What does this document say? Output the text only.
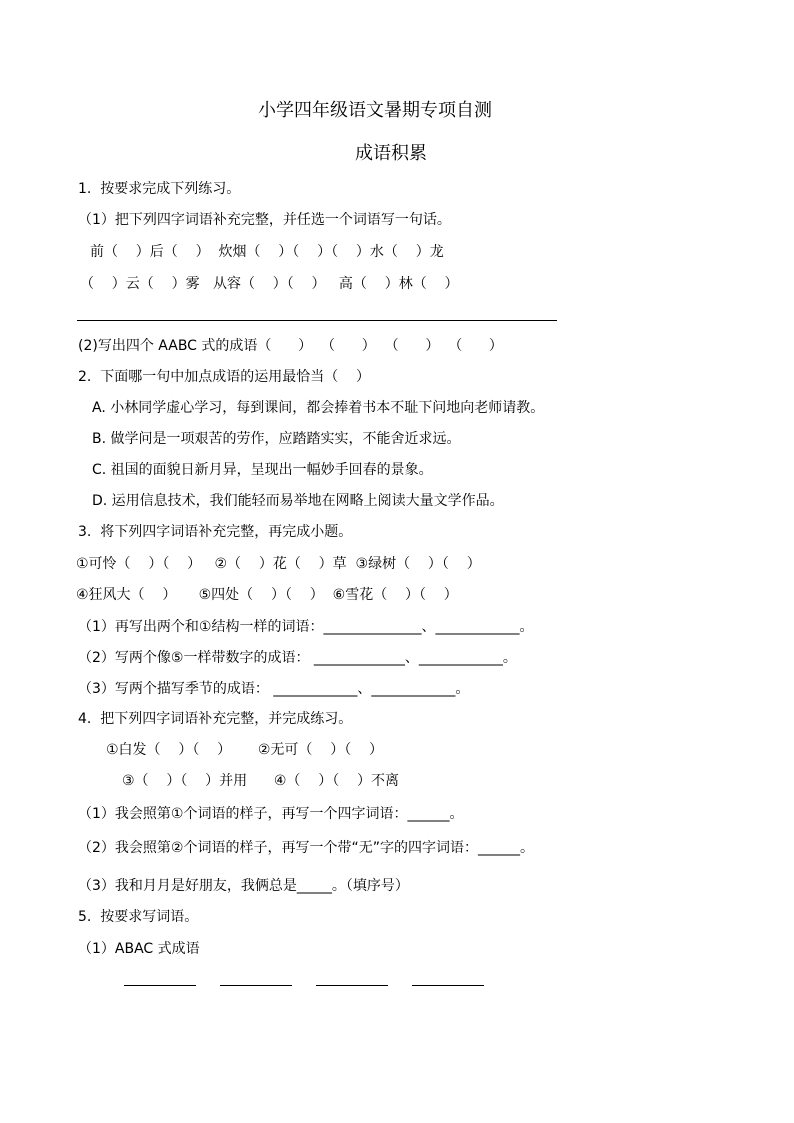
小学四年级语文暑期专项自测
成语积累
1.  按要求完成下列练习。
（1）把下列四字词语补充完整，并任选一个词语写一句话。
前（    ）后（    ）  炊烟（    ）（    ）（    ）水（    ）龙
（    ）云（    ）雾   从容（    ）（    ）   高（    ）林（    ）
(2)写出四个 AABC 式的成语（      ）  （      ）  （      ）  （      ）
2.  下面哪一句中加点成语的运用最恰当（    ）
A. 小林同学虚心学习，每到课间，都会捧着书本不耻下问地向老师请教。
B. 做学问是一项艰苦的劳作，应踏踏实实，不能舍近求远。
C. 祖国的面貌日新月异，呈现出一幅妙手回春的景象。
D. 运用信息技术，我们能轻而易举地在网略上阅读大量文学作品。
3.  将下列四字词语补充完整，再完成小题。
①可怜（    ）（    ）   ②（    ）花（    ）草  ③绿树（    ）（    ）
④狂风大（    ）     ⑤四处（    ）（    ）  ⑥雪花（    ）（    ）
（1）再写出两个和①结构一样的词语：______________、____________。
（2）写两个像⑤一样带数字的成语： _____________、____________。
（3）写两个描写季节的成语： ____________、____________。
4.  把下列四字词语补充完整，并完成练习。
①白发（    ）（    ）      ②无可（    ）（    ）
③（    ）（    ）并用      ④（    ）（    ）不离
（1）我会照第①个词语的样子，再写一个四字词语：______。
（2）我会照第②个词语的样子，再写一个带“无”字的四字词语：______。
（3）我和月月是好朋友，我俩总是_____。（填序号）
5.  按要求写词语。
（1）ABAC 式成语
